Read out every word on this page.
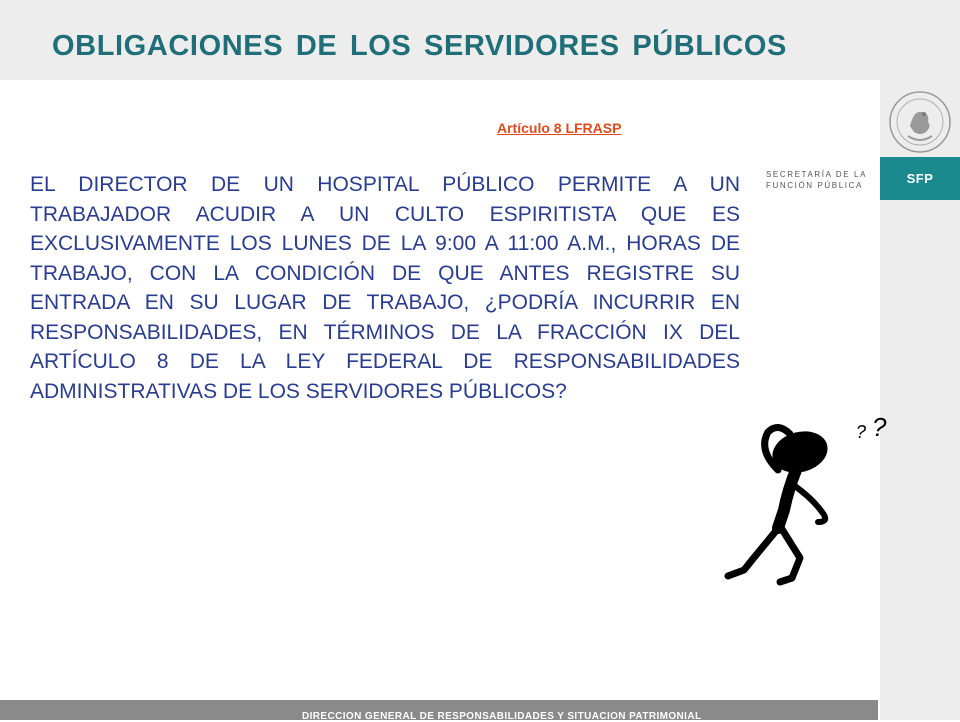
OBLIGACIONES DE LOS SERVIDORES PÚBLICOS
SECRETARÍA DE LA
FUNCIÓN PÚBLICA	SFP

Artículo 8 LFRASP

EL DIRECTOR DE UN HOSPITAL PÚBLICO PERMITE A UN TRABAJADOR ACUDIR A UN CULTO ESPIRITISTA QUE ES EXCLUSIVAMENTE LOS LUNES DE LA 9:00 A 11:00 A.M., HORAS DE TRABAJO, CON LA CONDICIÓN DE QUE ANTES REGISTRE SU ENTRADA EN SU LUGAR DE TRABAJO, ¿PODRÍA INCURRIR EN RESPONSABILIDADES, EN TÉRMINOS DE LA FRACCIÓN IX DEL ARTÍCULO 8 DE LA LEY FEDERAL DE RESPONSABILIDADES ADMINISTRATIVAS DE LOS SERVIDORES PÚBLICOS?

? ?

DIRECCION GENERAL DE RESPONSABILIDADES Y SITUACION PATRIMONIAL
